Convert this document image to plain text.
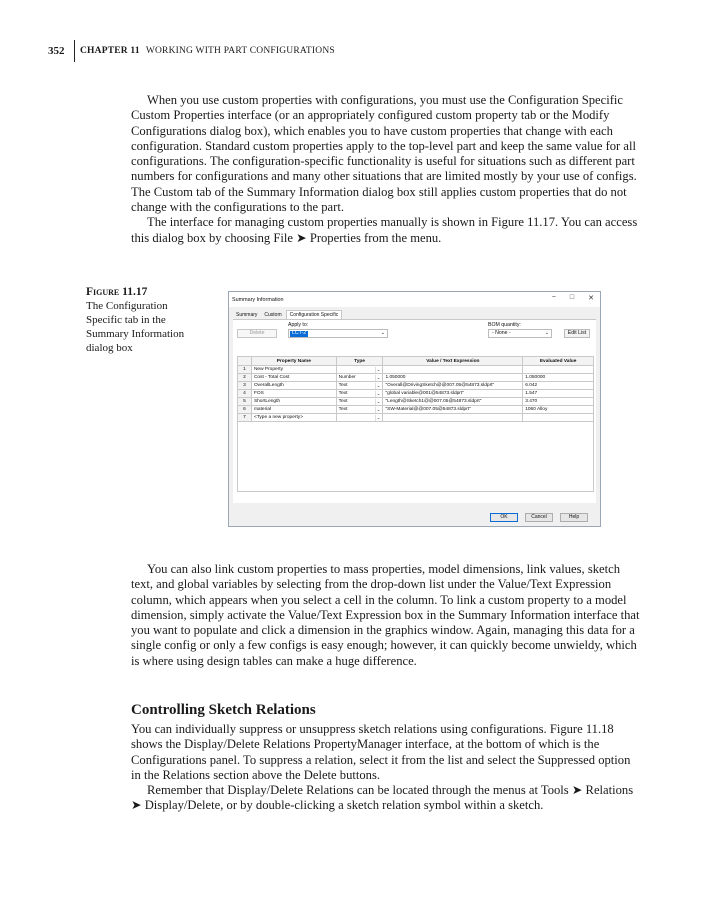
352	CHAPTER 11 WORKING WITH PART CONFIGURATIONS

When you use custom properties with configurations, you must use the Configuration Specific Custom Properties interface (or an appropriately configured custom property tab or the Modify Configurations dialog box), which enables you to have custom properties that change with each configuration. Standard custom properties apply to the top-level part and keep the same value for all configurations. The configuration-specific functionality is useful for situations such as different part numbers for configurations and many other situations that are limited mostly by your use of configs. The Custom tab of the Summary Information dialog box still applies custom properties that do not change with the configurations to the part.

The interface for managing custom properties manually is shown in Figure 11.17. You can access this dialog box by choosing File ➤ Properties from the menu.

Figure 11.17
The Configuration Specific tab in the Summary Information dialog box
Summary Information	− □ ✕
Summary	Custom	Configuration Specific
Apply to:	BOM quantity:
Delete	LCT-2	⌄	- None -	⌄	Edit List
	Property Name	Type	Value / Text Expression	Evaluated Value
1	New Property	⌄		

2	Cost - Total Cost	Number ⌄	1.050000	1.050000
3	OverallLength	Text ⌄	"Overall@DrivingSketch@@007.05@54873.sldprt"	6.042
4	FOS	Text ⌄	"global variable@001@54873.sldprt"	1.547
5	ShortLength	Text ⌄	"Length@Sketch1@@007.05@54873.sldprt"	3.470
6	material	Text ⌄	"SW-Material@@007.05@54873.sldprt"	1060 Alloy
7	<Type a new property>	⌄		

OK	Cancel	Help

You can also link custom properties to mass properties, model dimensions, link values, sketch text, and global variables by selecting from the drop-down list under the Value/Text Expression column, which appears when you select a cell in the column. To link a custom property to a model dimension, simply activate the Value/Text Expression box in the Summary Information interface that you want to populate and click a dimension in the graphics window. Again, managing this data for a single config or only a few configs is easy enough; however, it can quickly become unwieldy, which is where using design tables can make a huge difference.

Controlling Sketch Relations

You can individually suppress or unsuppress sketch relations using configurations. Figure 11.18 shows the Display/Delete Relations PropertyManager interface, at the bottom of which is the Configurations panel. To suppress a relation, select it from the list and select the Suppressed option in the Relations section above the Delete buttons.

Remember that Display/Delete Relations can be located through the menus at Tools ➤ Relations ➤ Display/Delete, or by double-clicking a sketch relation symbol within a sketch.
